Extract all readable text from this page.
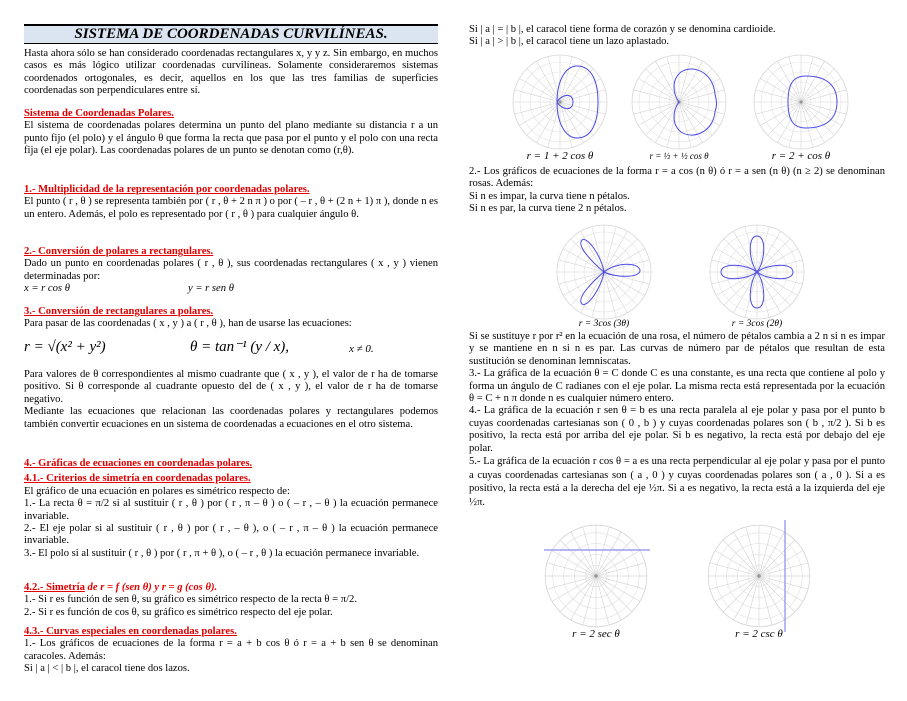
SISTEMA DE COORDENADAS CURVILÍNEAS.

Hasta ahora sólo se han considerado coordenadas rectangulares x, y y z. Sin embargo, en muchos casos es más lógico utilizar coordenadas curvilíneas. Solamente consideraremos sistemas coordenados ortogonales, es decir, aquellos en los que las tres familias de superficies coordenadas son perpendiculares entre sí.

Sistema de Coordenadas Polares.

El sistema de coordenadas polares determina un punto del plano mediante su distancia r a un punto fijo (el polo) y el ángulo θ que forma la recta que pasa por el punto y el polo con una recta fija (el eje polar). Las coordenadas polares de un punto se denotan como (r,θ).

1.- Multiplicidad de la representación por coordenadas polares.

El punto ( r , θ ) se representa también por ( r , θ + 2 n π ) o por ( – r , θ + (2 n + 1) π ), donde n es un entero. Además, el polo es representado por ( r , θ ) para cualquier ángulo θ.

2.- Conversión de polares a rectangulares.

Dado un punto en coordenadas polares ( r , θ ), sus coordenadas rectangulares ( x , y ) vienen determinadas por:

x = r cos θ	y = r sen θ
3.- Conversión de rectangulares a polares.

Para pasar de las coordenadas ( x , y ) a ( r , θ ), han de usarse las ecuaciones:

r = √(x² + y²)	θ = tan⁻¹ (y / x),	x ≠ 0.

Para valores de θ correspondientes al mismo cuadrante que ( x , y ), el valor de r ha de tomarse positivo. Si θ corresponde al cuadrante opuesto del de ( x , y ), el valor de r ha de tomarse negativo.

Mediante las ecuaciones que relacionan las coordenadas polares y rectangulares podemos también convertir ecuaciones en un sistema de coordenadas a ecuaciones en el otro sistema.

4.- Gráficas de ecuaciones en coordenadas polares.
4.1.- Criterios de simetría en coordenadas polares.

El gráfico de una ecuación en polares es simétrico respecto de:

1.- La recta θ = π/2 si al sustituir ( r , θ ) por ( r , π – θ ) o ( – r , – θ ) la ecuación permanece invariable.

2.- El eje polar si al sustituir ( r , θ ) por ( r , – θ ), o ( – r , π – θ ) la ecuación permanece invariable.

3.- El polo si al sustituir ( r , θ ) por ( r , π + θ ), o ( – r , θ ) la ecuación permanece invariable.

4.2.- Simetría de r = f (sen θ) y r = g (cos θ).

1.- Si r es función de sen θ, su gráfico es simétrico respecto de la recta θ = π/2.

2.- Si r es función de cos θ, su gráfico es simétrico respecto del eje polar.

4.3.- Curvas especiales en coordenadas polares.

1.- Los gráficos de ecuaciones de la forma r = a + b cos θ ó r = a + b sen θ se denominan caracoles. Además:

Si | a | < | b |, el caracol tiene dos lazos.

Si | a | = | b |, el caracol tiene forma de corazón y se denomina cardioide.

Si | a | > | b |, el caracol tiene un lazo aplastado.

r = 1 + 2 cos θ	r = ½ + ½ cos θ	r = 2 + cos θ

2.- Los gráficos de ecuaciones de la forma r = a cos (n θ) ó r = a sen (n θ) (n ≥ 2) se denominan rosas. Además:

Si n es impar, la curva tiene n pétalos.

Si n es par, la curva tiene 2 n pétalos.

r = 3cos (3θ)	r = 3cos (2θ)

Si se sustituye r por r² en la ecuación de una rosa, el número de pétalos cambia a 2 n si n es impar y se mantiene en n si n es par. Las curvas de número par de pétalos que resultan de esta sustitución se denominan lemniscatas.

3.- La gráfica de la ecuación θ = C donde C es una constante, es una recta que contiene al polo y forma un ángulo de C radianes con el eje polar. La misma recta está representada por la ecuación θ = C + n π donde n es cualquier número entero.

4.- La gráfica de la ecuación r sen θ = b es una recta paralela al eje polar y pasa por el punto b cuyas coordenadas cartesianas son ( 0 , b ) y cuyas coordenadas polares son ( b , π/2 ). Si b es positivo, la recta está por arriba del eje polar. Si b es negativo, la recta está por debajo del eje polar.

5.- La gráfica de la ecuación r cos θ = a es una recta perpendicular al eje polar y pasa por el punto a cuyas coordenadas cartesianas son ( a , 0 ) y cuyas coordenadas polares son ( a , 0 ). Si a es positivo, la recta está a la derecha del eje ½π. Si a es negativo, la recta está a la izquierda del eje ½π.

r = 2 sec θ	r = 2 csc θ
